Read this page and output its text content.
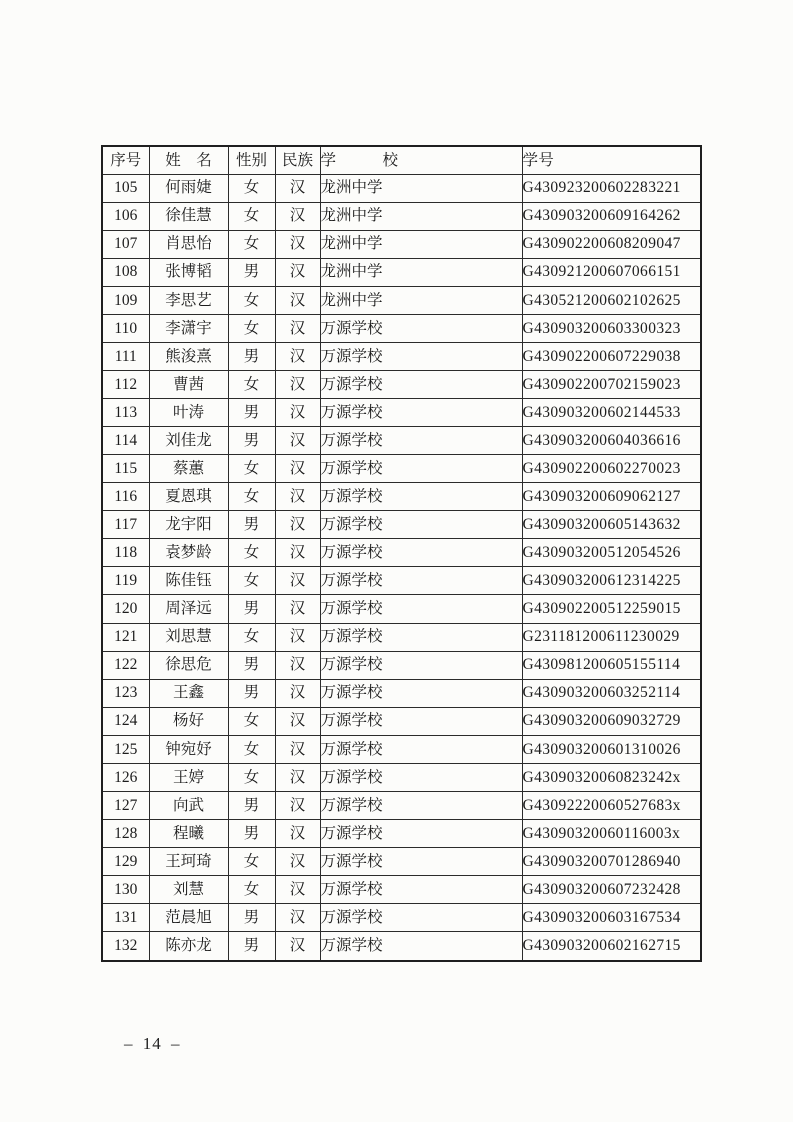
序号	姓　名	性别	民族	学　　　校	学号
105	何雨婕	女	汉	龙洲中学	G430923200602283221
106	徐佳慧	女	汉	龙洲中学	G430903200609164262
107	肖思怡	女	汉	龙洲中学	G430902200608209047
108	张博韬	男	汉	龙洲中学	G430921200607066151
109	李思艺	女	汉	龙洲中学	G430521200602102625
110	李潇宇	女	汉	万源学校	G430903200603300323
111	熊浚熹	男	汉	万源学校	G430902200607229038
112	曹茜	女	汉	万源学校	G430902200702159023
113	叶涛	男	汉	万源学校	G430903200602144533
114	刘佳龙	男	汉	万源学校	G430903200604036616
115	蔡蕙	女	汉	万源学校	G430902200602270023
116	夏恩琪	女	汉	万源学校	G430903200609062127
117	龙宇阳	男	汉	万源学校	G430903200605143632
118	袁梦龄	女	汉	万源学校	G430903200512054526
119	陈佳钰	女	汉	万源学校	G430903200612314225
120	周泽远	男	汉	万源学校	G430902200512259015
121	刘思慧	女	汉	万源学校	G231181200611230029
122	徐思危	男	汉	万源学校	G430981200605155114
123	王鑫	男	汉	万源学校	G430903200603252114
124	杨好	女	汉	万源学校	G430903200609032729
125	钟宛妤	女	汉	万源学校	G430903200601310026
126	王婷	女	汉	万源学校	G43090320060823242x
127	向武	男	汉	万源学校	G43092220060527683x
128	程曦	男	汉	万源学校	G43090320060116003x
129	王珂琦	女	汉	万源学校	G430903200701286940
130	刘慧	女	汉	万源学校	G430903200607232428
131	范晨旭	男	汉	万源学校	G430903200603167534
132	陈亦龙	男	汉	万源学校	G430903200602162715
– 14 –
